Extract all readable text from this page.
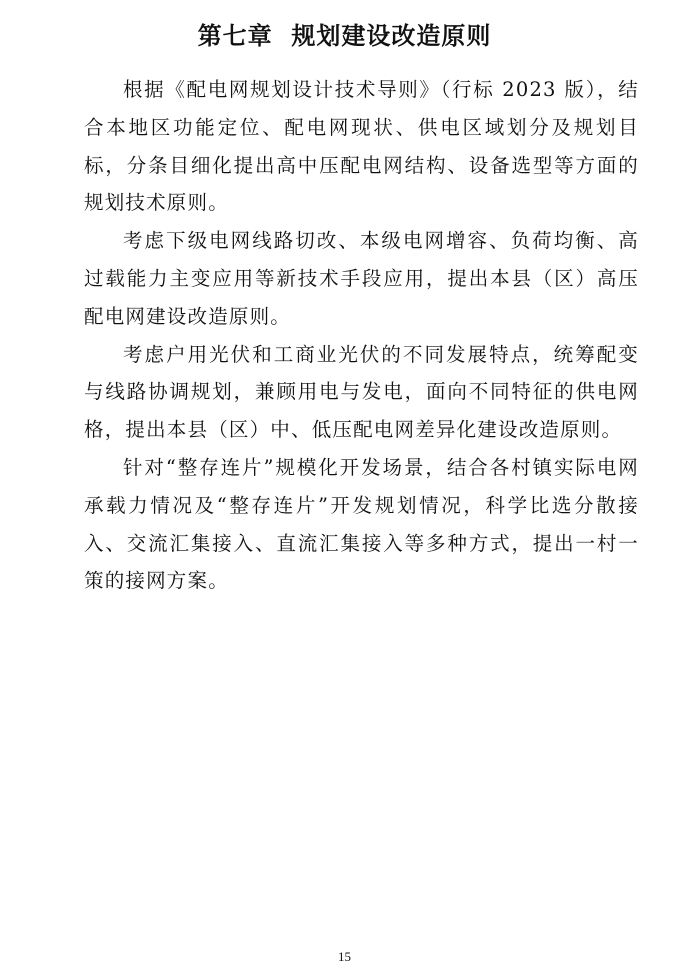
第七章  规划建设改造原则

根据《配电网规划设计技术导则》（行标 2023 版），结合本地区功能定位、配电网现状、供电区域划分及规划目标，分条目细化提出高中压配电网结构、设备选型等方面的规划技术原则。

考虑下级电网线路切改、本级电网增容、负荷均衡、高过载能力主变应用等新技术手段应用，提出本县（区）高压配电网建设改造原则。

考虑户用光伏和工商业光伏的不同发展特点，统筹配变与线路协调规划，兼顾用电与发电，面向不同特征的供电网格，提出本县（区）中、低压配电网差异化建设改造原则。

针对“整存连片”规模化开发场景，结合各村镇实际电网承载力情况及“整存连片”开发规划情况，科学比选分散接入、交流汇集接入、直流汇集接入等多种方式，提出一村一策的接网方案。

15
